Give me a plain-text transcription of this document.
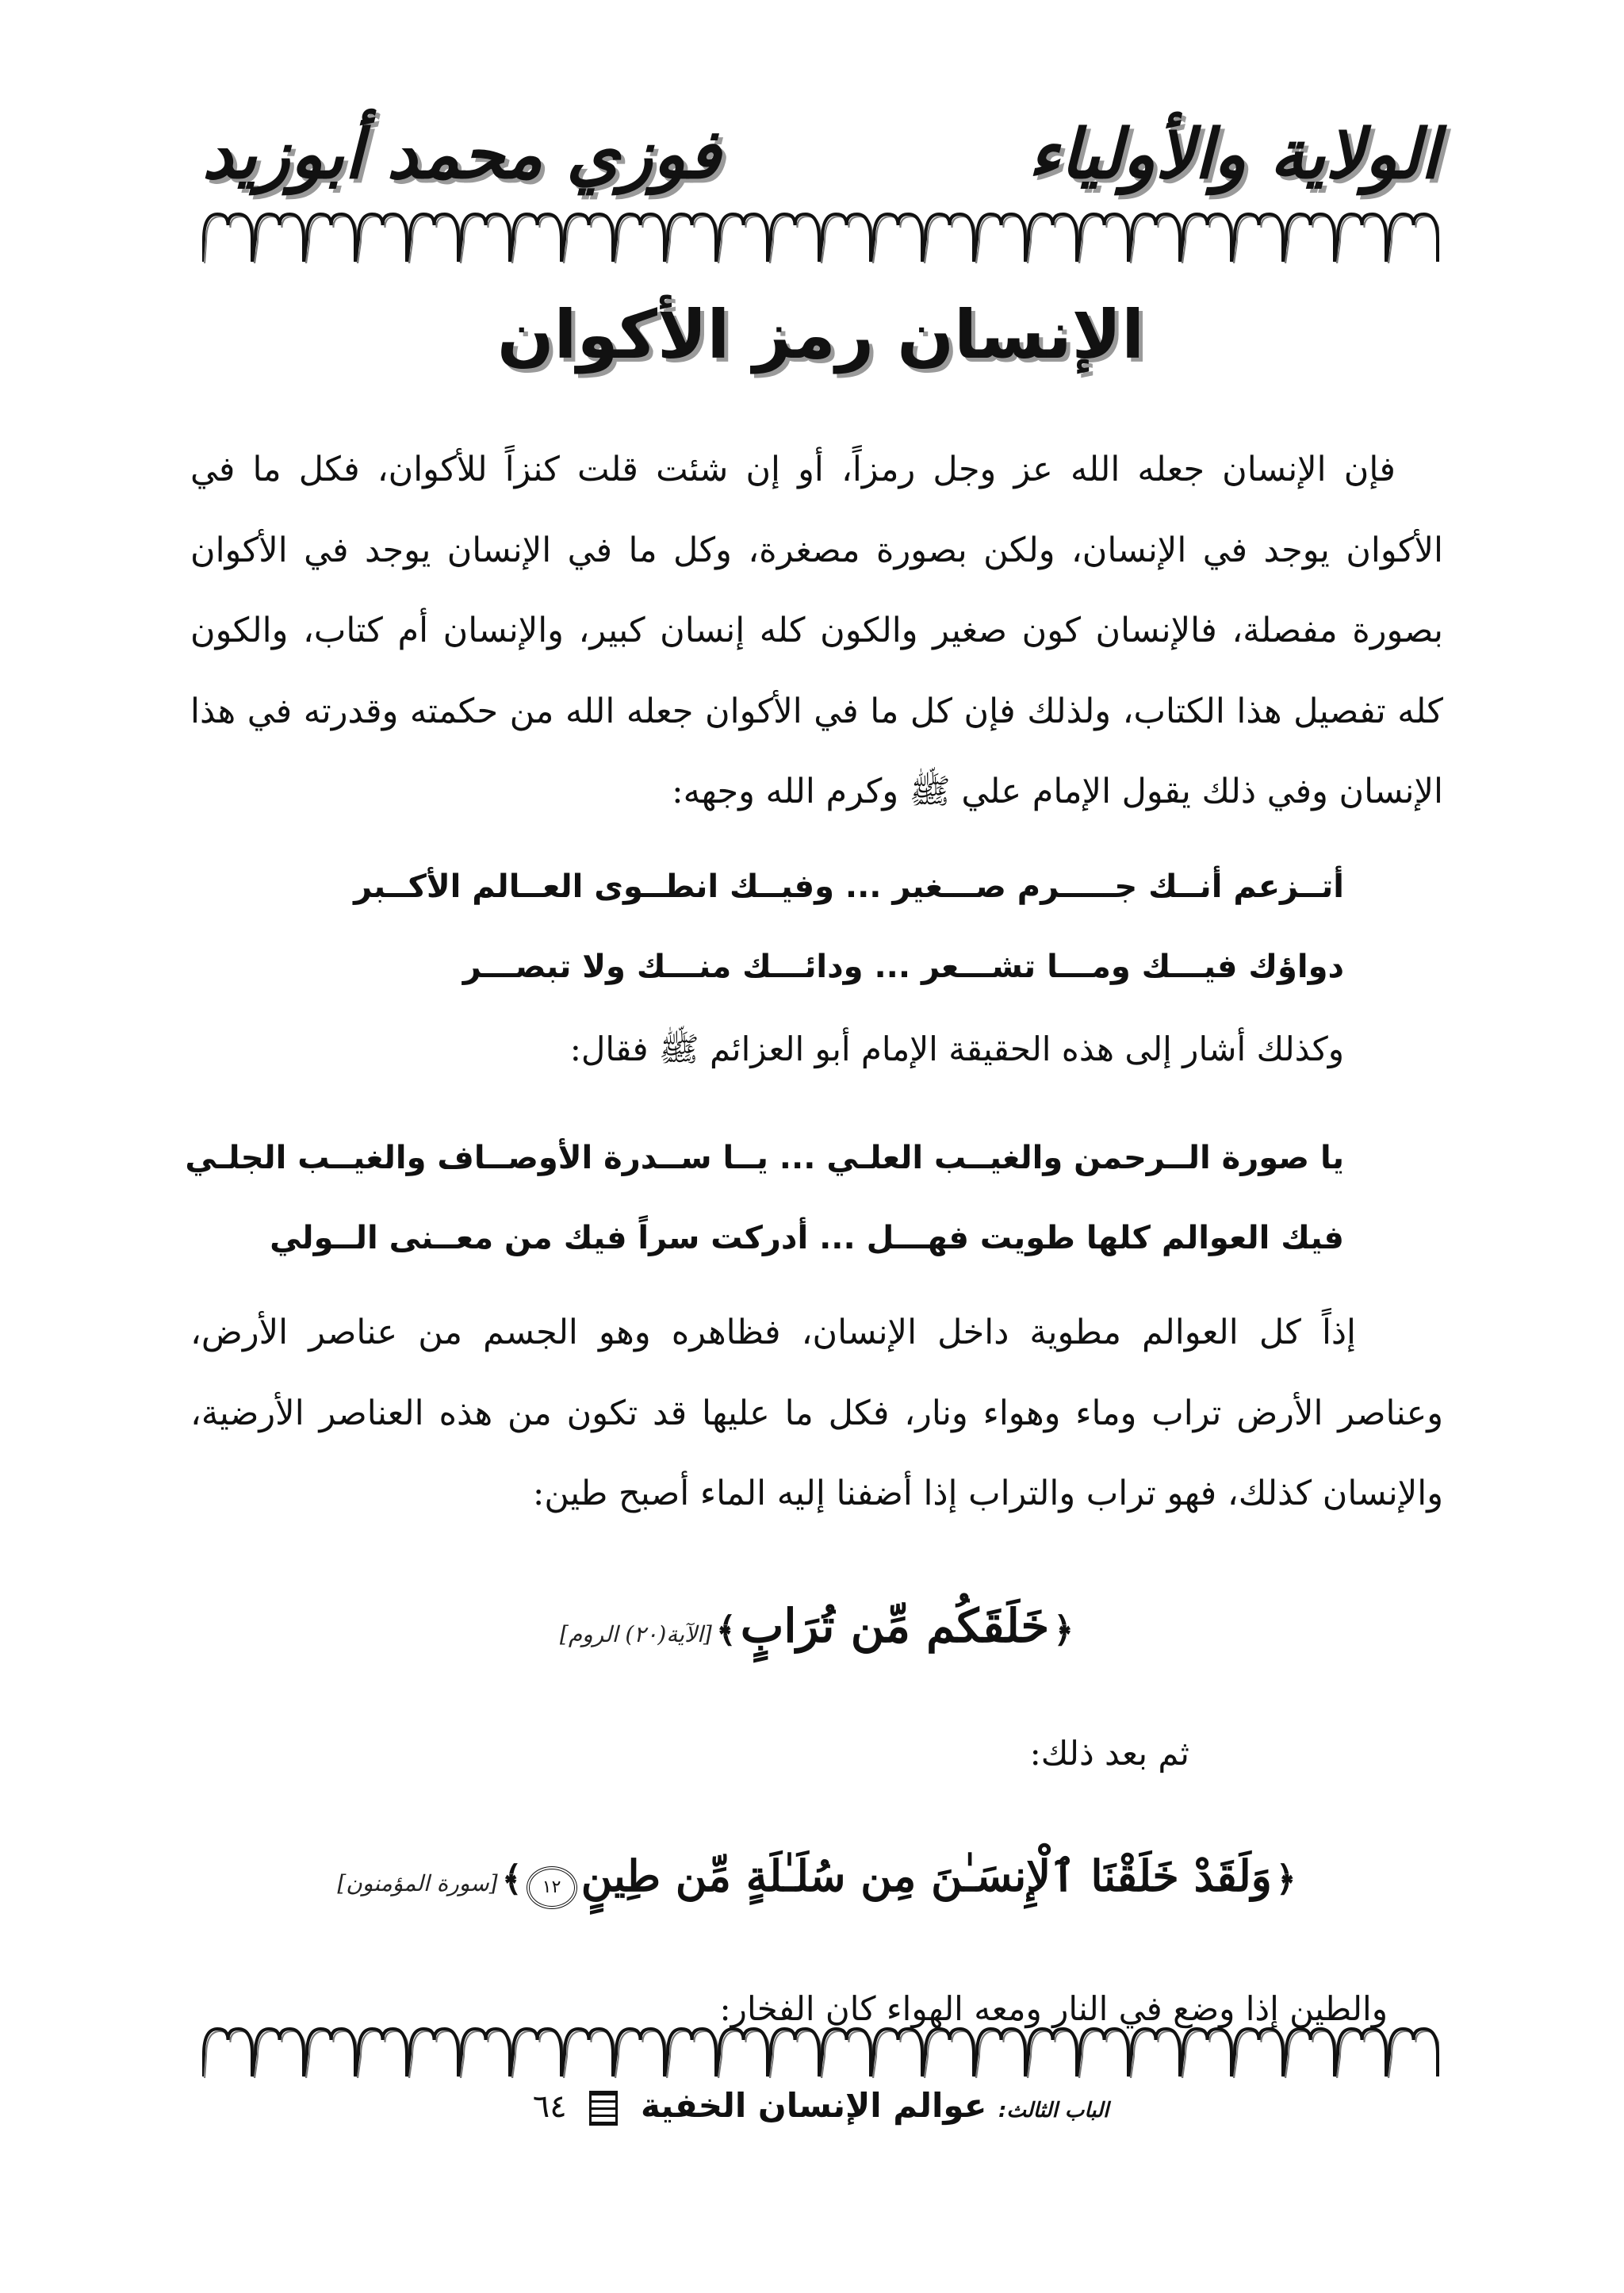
الولاية والأولياء
فوزي محمد أبوزيد
الإنسان رمز الأكوان

فإن الإنسان جعله الله عز وجل رمزاً، أو إن شئت قلت كنزاً للأكوان، فكل ما في الأكوان يوجد في الإنسان، ولكن بصورة مصغرة، وكل ما في الإنسان يوجد في الأكوان بصورة مفصلة، فالإنسان كون صغير والكون كله إنسان كبير، والإنسان أم كتاب، والكون كله تفصيل هذا الكتاب، ولذلك فإن كل ما في الأكوان جعله الله من حكمته وقدرته في هذا الإنسان وفي ذلك يقول الإمام علي ﷺ وكرم الله وجهه:

أتــزعم أنــك جـــــرم صـــغير ... وفيــك انطــوى العــالم الأكــبر
دواؤك فيـــك ومـــا تشـــعر ... ودائـــك منـــك ولا تبصـــر
وكذلك أشار إلى هذه الحقيقة الإمام أبو العزائم ﷺ فقال:
يا صورة الــرحمن والغيــب العلـي ... يــا ســدرة الأوصــاف والغيــب الجلـي
فيك العوالم كلها طويت فهـــل ... أدركت سراً فيك من معــنى الــولي

إذاً كل العوالم مطوية داخل الإنسان، فظاهره وهو الجسم من عناصر الأرض، وعناصر الأرض تراب وماء وهواء ونار، فكل ما عليها قد تكون من هذه العناصر الأرضية، والإنسان كذلك، فهو تراب والتراب إذا أضفنا إليه الماء أصبح طين:

﴿ خَلَقَكُم مِّن تُرَابٍ ﴾ [الآية(٢٠) الروم]
ثم بعد ذلك:
﴿ وَلَقَدْ خَلَقْنَا ٱلْإِنسَـٰنَ مِن سُلَـٰلَةٍ مِّن طِينٍ ١٢ ﴾ [سورة المؤمنون]
والطين إذا وضع في النار ومعه الهواء كان الفخار:
الباب الثالث: عوالم الإنسان الخفية  ٦٤
